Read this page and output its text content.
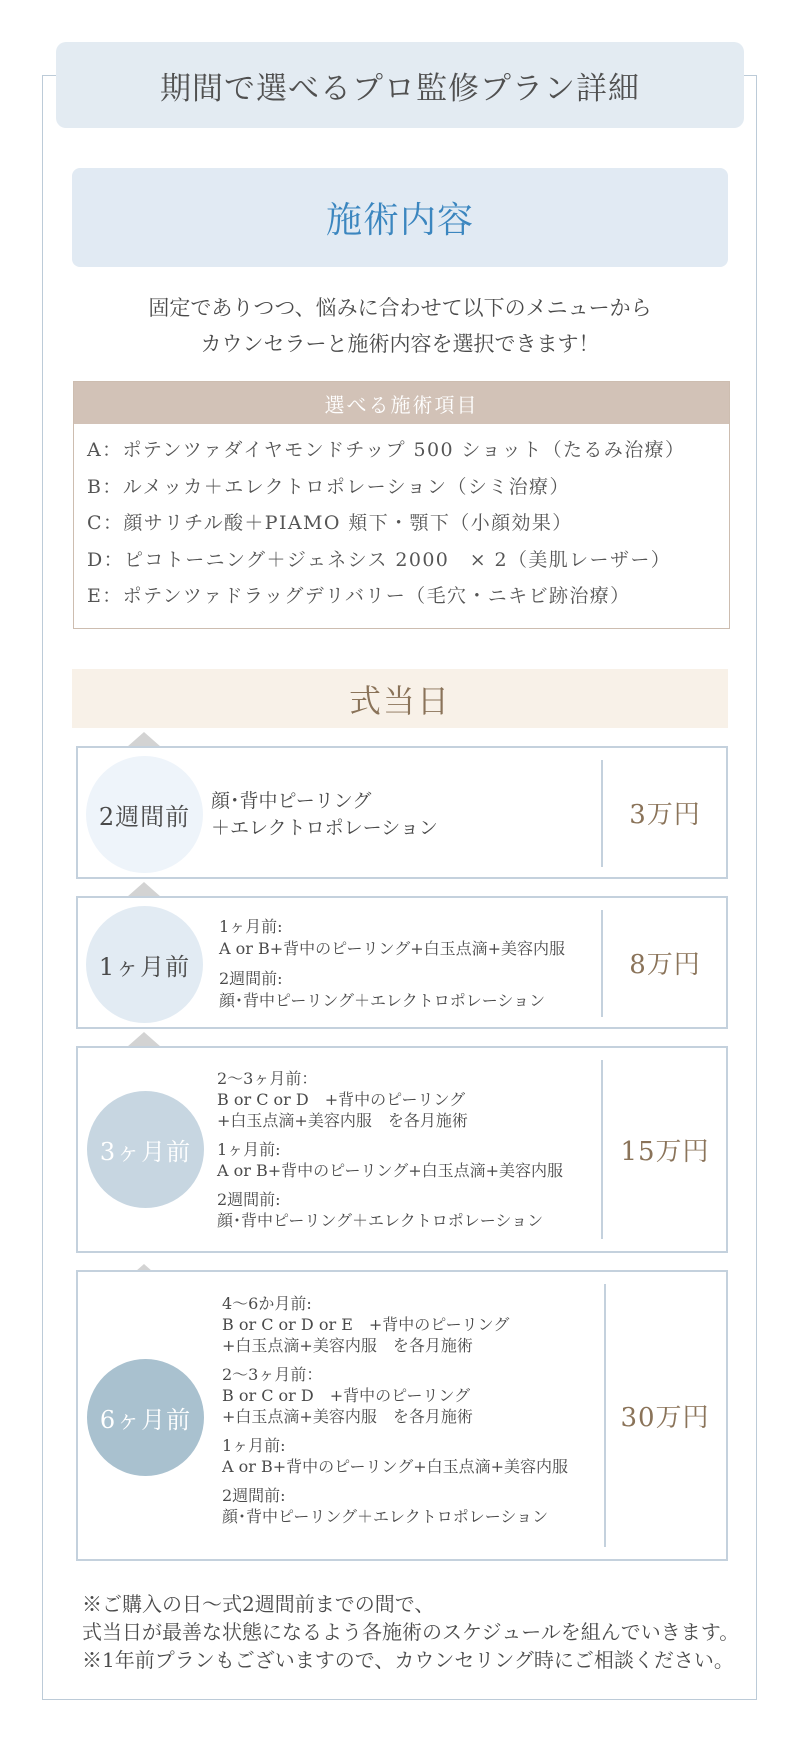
期間で選べるプロ監修プラン詳細
施術内容
固定でありつつ、悩みに合わせて以下のメニューから
カウンセラーと施術内容を選択できます！
選べる施術項目
A：ポテンツァダイヤモンドチップ 500 ショット（たるみ治療）
B：ルメッカ＋エレクトロポレーション（シミ治療）
C：顔サリチル酸＋PIAMO 頬下・顎下（小顔効果）
D：ピコトーニング＋ジェネシス 2000　× 2（美肌レーザー）
E：ポテンツァドラッグデリバリー（毛穴・ニキビ跡治療）
式当日
2週間前
顔･背中ピーリング
＋エレクトロポレーション	3万円
1ヶ月前
1ヶ月前:
A or B+背中のピーリング+白玉点滴+美容内服
2週間前:
顔･背中ピーリング＋エレクトロポレーション
8万円
3ヶ月前
2〜3ヶ月前：
B or C or D　+背中のピーリング
+白玉点滴+美容内服　を各月施術
1ヶ月前:
A or B+背中のピーリング+白玉点滴+美容内服
2週間前:
顔･背中ピーリング＋エレクトロポレーション
15万円
6ヶ月前
4〜6か月前:
B or C or D or E　+背中のピーリング
+白玉点滴+美容内服　を各月施術
2〜3ヶ月前：
B or C or D　+背中のピーリング
+白玉点滴+美容内服　を各月施術
1ヶ月前:
A or B+背中のピーリング+白玉点滴+美容内服
2週間前:
顔･背中ピーリング＋エレクトロポレーション
30万円
※ご購入の日〜式2週間前までの間で、
式当日が最善な状態になるよう各施術のスケジュールを組んでいきます。
※1年前プランもございますので、カウンセリング時にご相談ください。
